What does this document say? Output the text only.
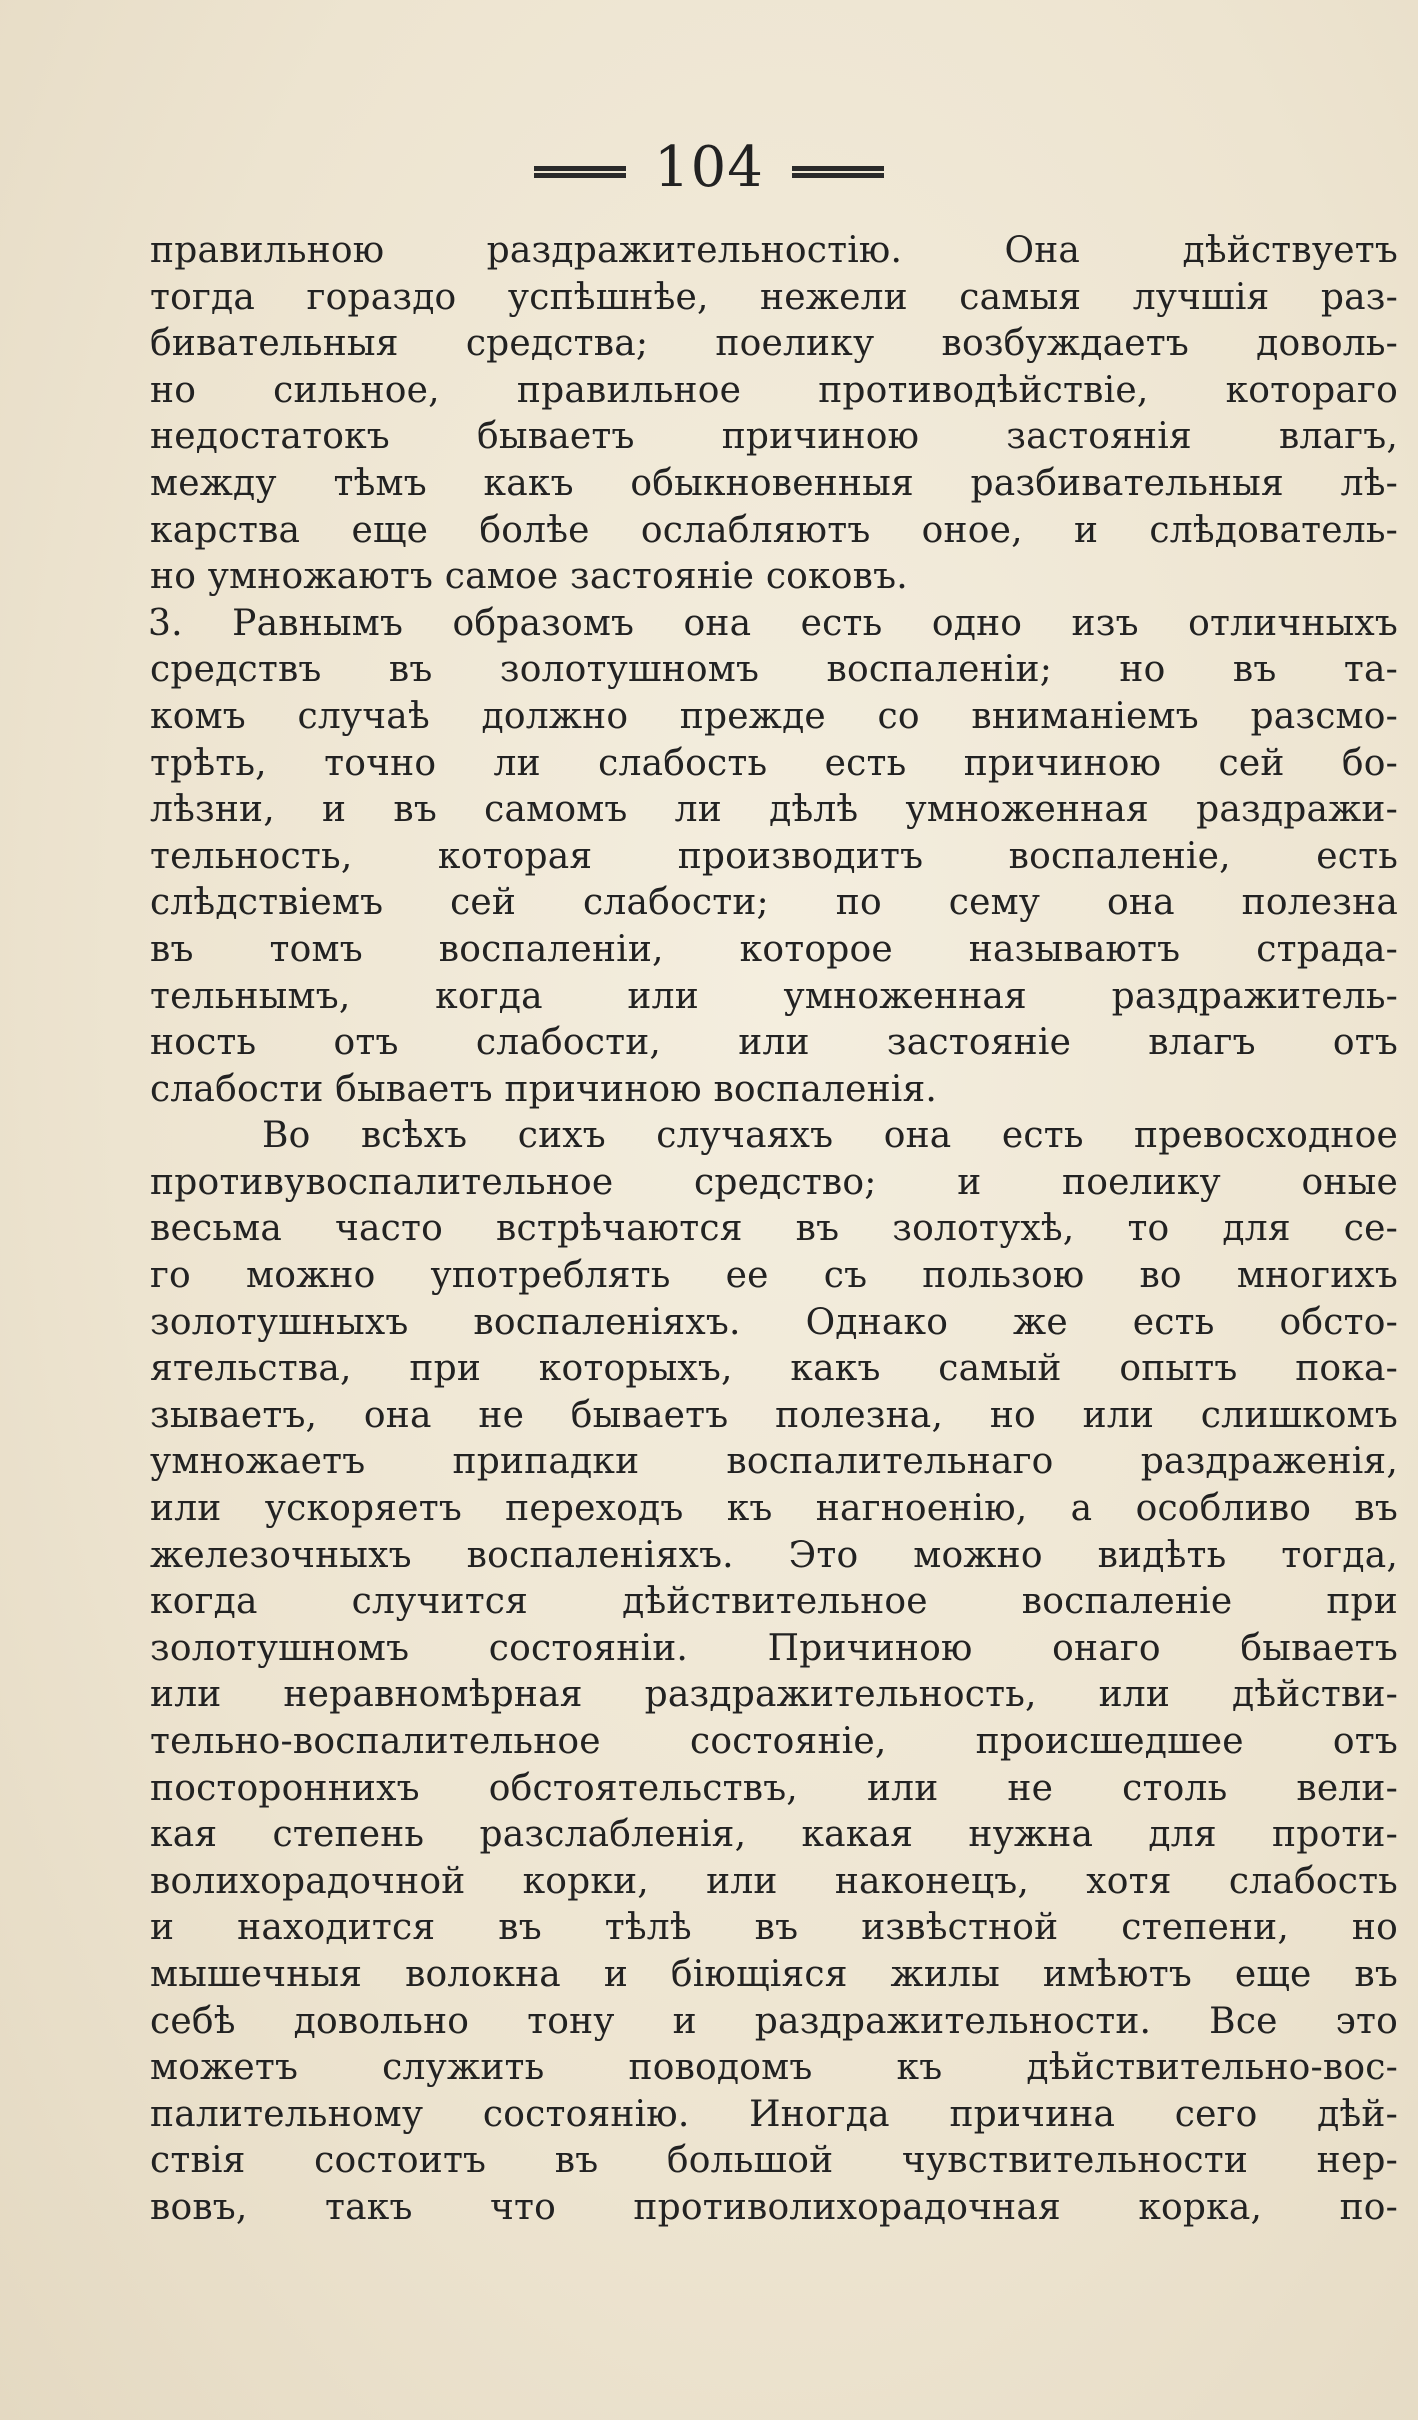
104
правильною раздражительностію. Она дѣйствуетъ
тогда гораздо успѣшнѣе, нежели самыя лучшія раз-
бивательныя средства; поелику возбуждаетъ доволь-
но сильное, правильное противодѣйствіе, котораго
недостатокъ бываетъ причиною застоянія влагъ,
между тѣмъ какъ обыкновенныя разбивательныя лѣ-
карства еще болѣе ослабляютъ оное, и слѣдователь-
но умножаютъ самое застояніе соковъ.
3. Равнымъ образомъ она есть одно изъ отличныхъ
средствъ въ золотушномъ воспаленіи; но въ та-
комъ случаѣ должно прежде со вниманіемъ разсмо-
трѣть, точно ли слабость есть причиною сей бо-
лѣзни, и въ самомъ ли дѣлѣ умноженная раздражи-
тельность, которая производитъ воспаленіе, есть
слѣдствіемъ сей слабости; по сему она полезна
въ томъ воспаленіи, которое называютъ страда-
тельнымъ, когда или умноженная раздражитель-
ность отъ слабости, или застояніе влагъ отъ
слабости бываетъ причиною воспаленія.
Во всѣхъ сихъ случаяхъ она есть превосходное
противувоспалительное средство; и поелику оные
весьма часто встрѣчаются въ золотухѣ, то для се-
го можно употреблять ее съ пользою во многихъ
золотушныхъ воспаленіяхъ. Однако же есть обсто-
ятельства, при которыхъ, какъ самый опытъ пока-
зываетъ, она не бываетъ полезна, но или слишкомъ
умножаетъ припадки воспалительнаго раздраженія,
или ускоряетъ переходъ къ нагноенію, а особливо въ
железочныхъ воспаленіяхъ. Это можно видѣть тогда,
когда случится дѣйствительное воспаленіе при
золотушномъ состояніи. Причиною онаго бываетъ
или неравномѣрная раздражительность, или дѣйстви-
тельно-воспалительное состояніе, происшедшее отъ
постороннихъ обстоятельствъ, или не столь вели-
кая степень разслабленія, какая нужна для проти-
волихорадочной корки, или наконецъ, хотя слабость
и находится въ тѣлѣ въ извѣстной степени, но
мышечныя волокна и біющіяся жилы имѣютъ еще въ
себѣ довольно тону и раздражительности. Все это
можетъ служить поводомъ къ дѣйствительно-вос-
палительному состоянію. Иногда причина сего дѣй-
ствія состоитъ въ большой чувствительности нер-
вовъ, такъ что противолихорадочная корка, по-
